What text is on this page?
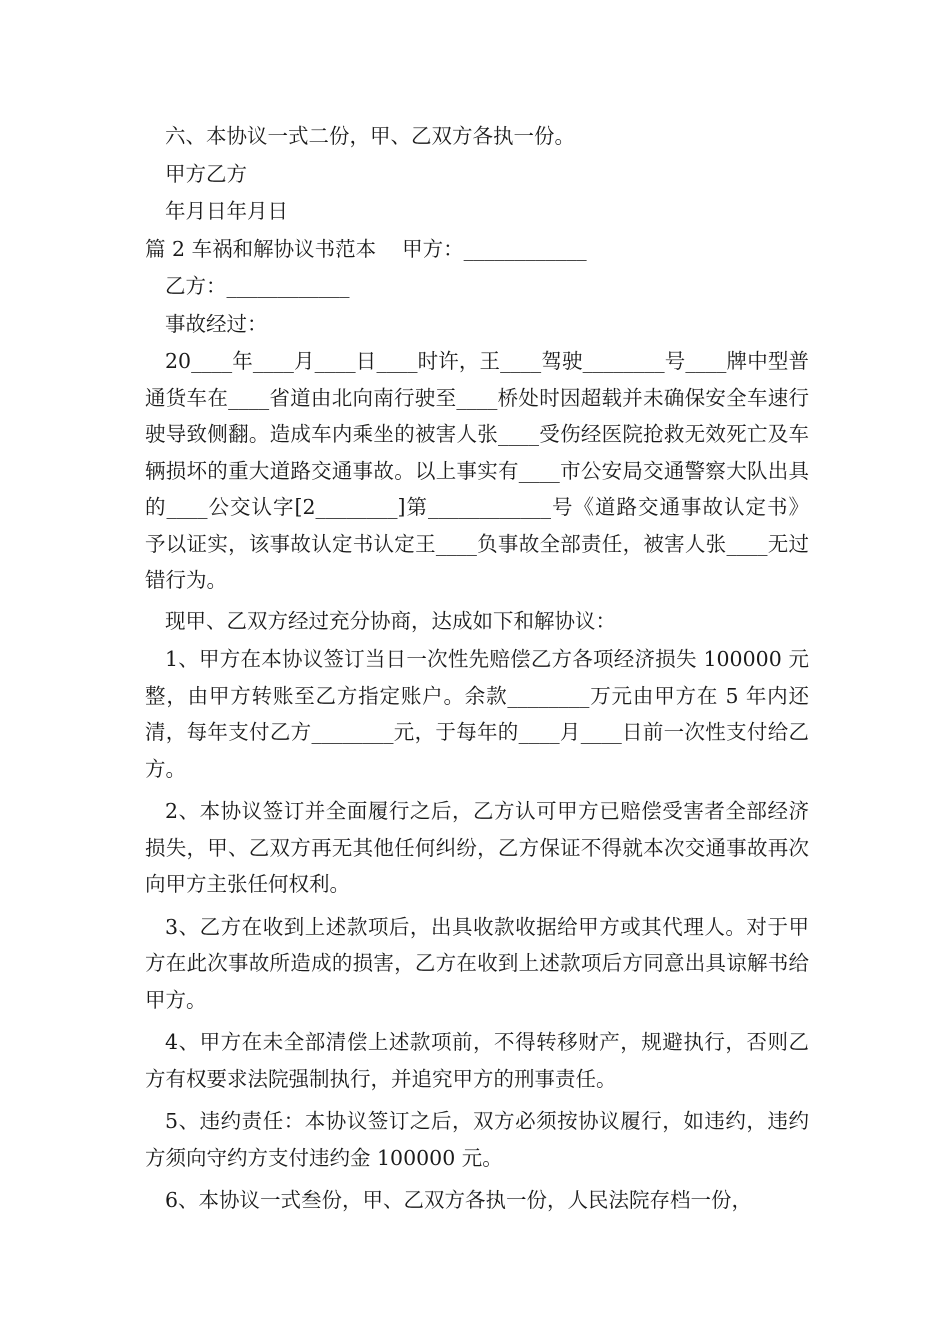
六、本协议一式二份，甲、乙双方各执一份。
甲方乙方
年月日年月日
篇 2 车祸和解协议书范本    甲方：____________
乙方：____________
事故经过：

20____年____月____日____时许，王____驾驶________号____牌中型普通货车在____省道由北向南行驶至____桥处时因超载并未确保安全车速行驶导致侧翻。造成车内乘坐的被害人张____受伤经医院抢救无效死亡及车辆损坏的重大道路交通事故。以上事实有____市公安局交通警察大队出具的____公交认字[2________]第____________号《道路交通事故认定书》予以证实，该事故认定书认定王____负事故全部责任，被害人张____无过错行为。

现甲、乙双方经过充分协商，达成如下和解协议：

1、甲方在本协议签订当日一次性先赔偿乙方各项经济损失 100000 元整，由甲方转账至乙方指定账户。余款________万元由甲方在 5 年内还清，每年支付乙方________元，于每年的____月____日前一次性支付给乙方。

2、本协议签订并全面履行之后，乙方认可甲方已赔偿受害者全部经济损失，甲、乙双方再无其他任何纠纷，乙方保证不得就本次交通事故再次向甲方主张任何权利。

3、乙方在收到上述款项后，出具收款收据给甲方或其代理人。对于甲方在此次事故所造成的损害，乙方在收到上述款项后方同意出具谅解书给甲方。

4、甲方在未全部清偿上述款项前，不得转移财产，规避执行，否则乙方有权要求法院强制执行，并追究甲方的刑事责任。

5、违约责任：本协议签订之后，双方必须按协议履行，如违约，违约方须向守约方支付违约金 100000 元。

6、本协议一式叁份，甲、乙双方各执一份，人民法院存档一份，
